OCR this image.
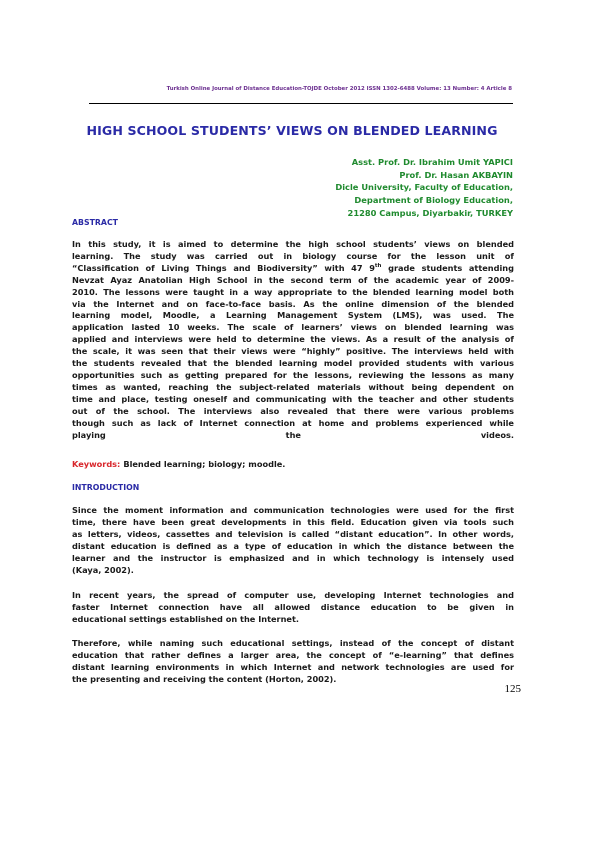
Turkish Online Journal of Distance Education-TOJDE October 2012 ISSN 1302-6488 Volume: 13 Number: 4 Article 8
HIGH SCHOOL STUDENTS’ VIEWS ON BLENDED LEARNING
Asst. Prof. Dr. Ibrahim Umit YAPICI
Prof. Dr. Hasan AKBAYIN
Dicle University, Faculty of Education,
Department of Biology Education,
21280 Campus, Diyarbakir, TURKEY
ABSTRACT
In this study, it is aimed to determine the high school students’ views on blended
learning. The study was carried out in biology course for the lesson unit of
“Classification of Living Things and Biodiversity” with 47 9th grade students attending
Nevzat Ayaz Anatolian High School in the second term of the academic year of 2009-
2010. The lessons were taught in a way appropriate to the blended learning model both
via the Internet and on face-to-face basis. As the online dimension of the blended
learning model, Moodle, a Learning Management System (LMS), was used. The
application lasted 10 weeks. The scale of learners’ views on blended learning was
applied and interviews were held to determine the views. As a result of the analysis of
the scale, it was seen that their views were “highly” positive. The interviews held with
the students revealed that the blended learning model provided students with various
opportunities such as getting prepared for the lessons, reviewing the lessons as many
times as wanted, reaching the subject-related materials without being dependent on
time and place, testing oneself and communicating with the teacher and other students
out of the school. The interviews also revealed that there were various problems
though such as lack of Internet connection at home and problems experienced while
playing the videos.
Keywords: Blended learning; biology; moodle.
INTRODUCTION
Since the moment information and communication technologies were used for the first
time, there have been great developments in this field. Education given via tools such
as letters, videos, cassettes and television is called “distant education”. In other words,
distant education is defined as a type of education in which the distance between the
learner and the instructor is emphasized and in which technology is intensely used
(Kaya, 2002).
In recent years, the spread of computer use, developing Internet technologies and
faster Internet connection have all allowed distance education to be given in
educational settings established on the Internet.
Therefore, while naming such educational settings, instead of the concept of distant
education that rather defines a larger area, the concept of “e-learning” that defines
distant learning environments in which Internet and network technologies are used for
the presenting and receiving the content (Horton, 2002).
125
